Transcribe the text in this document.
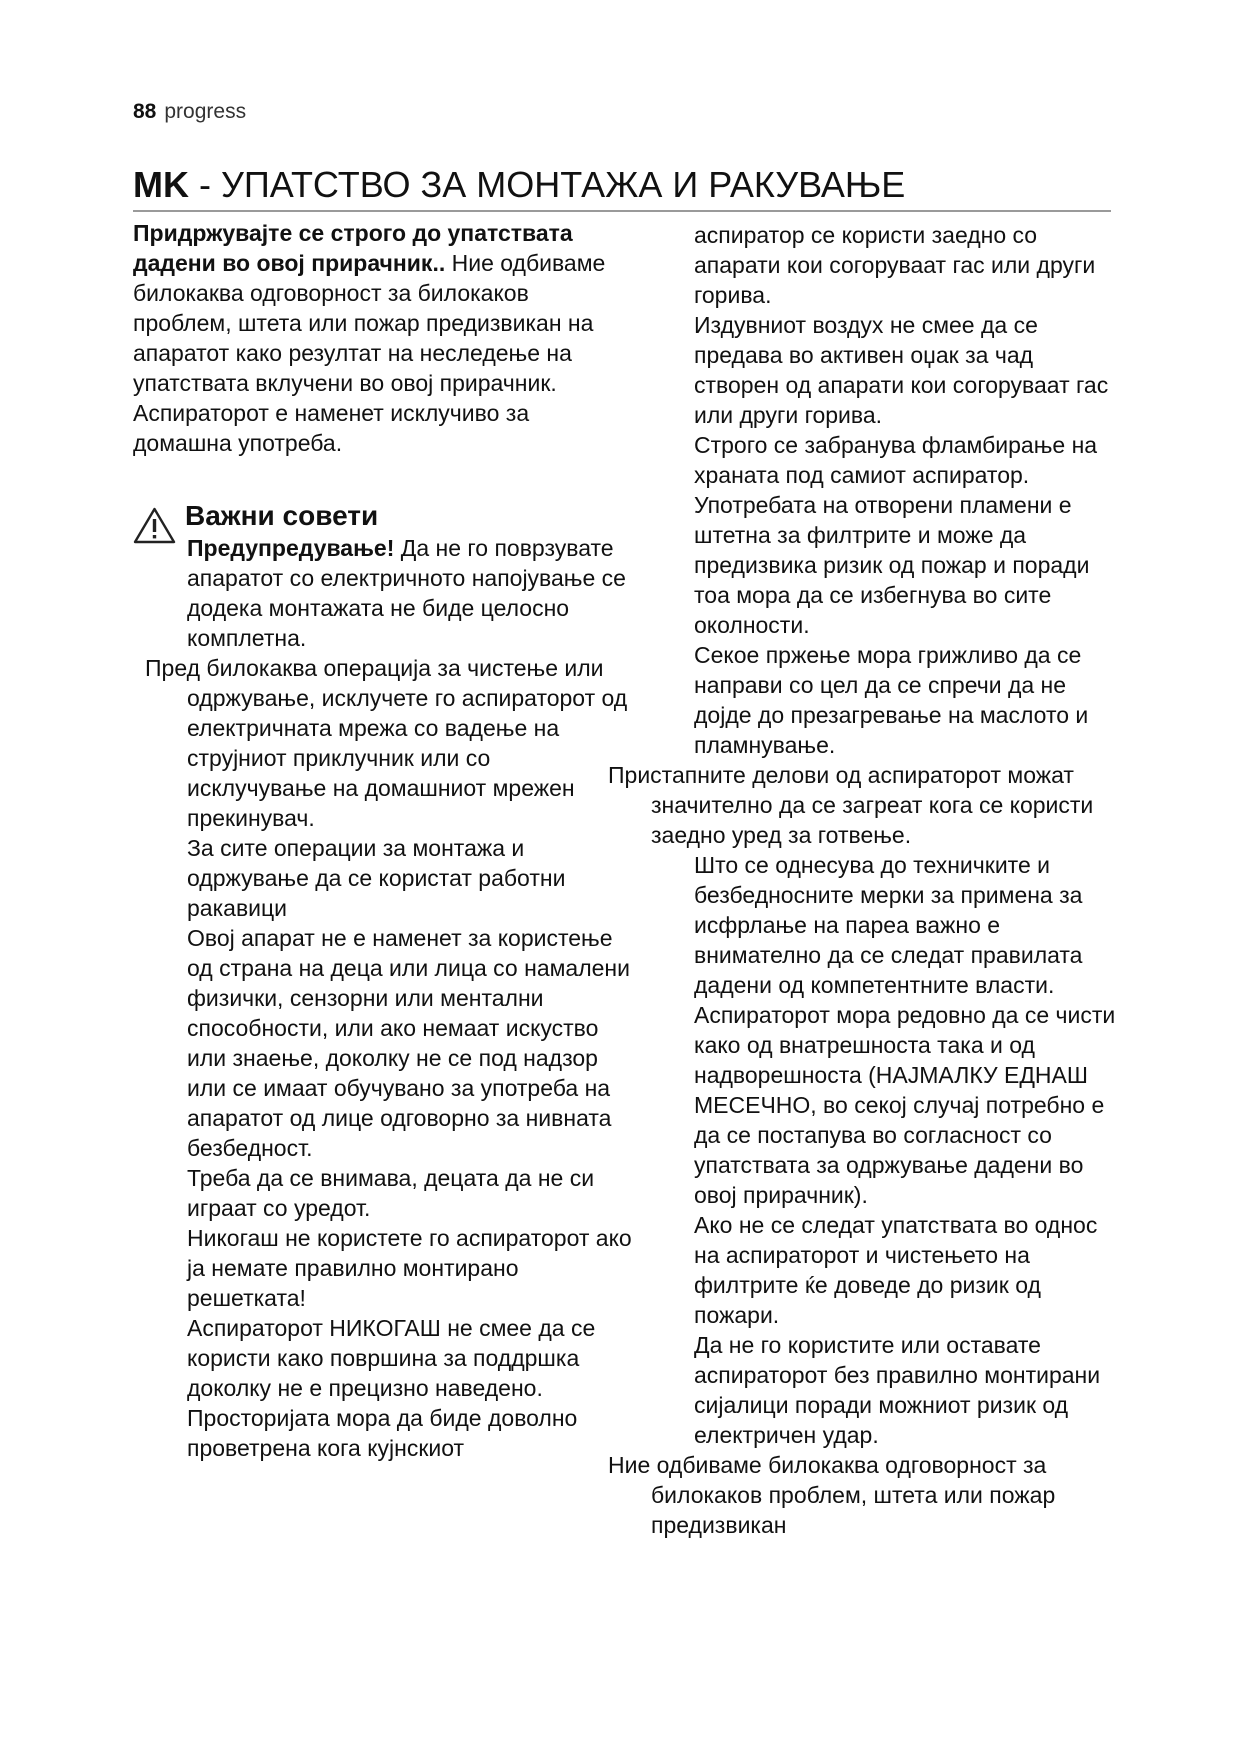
88 progress
MK - УПАТСТВО ЗА МОНТАЖА И РАКУВАЊЕ

Придржувајте се строго до упатствата дадени во овој прирачник.. Ние одбиваме билокаква одговорност за билокаков проблем, штета или пожар предизвикан на апаратот како резултат на неследење на упатствата вклучени во овој прирачник. Аспираторот е наменет исклучиво за домашна употреба.

Важни совети

Предупредување! Да не го поврзувате апаратот со електричното напојување се додека монтажата не биде целосно комплетна.

Пред билокаква операција за чистење или одржување, исклучете го аспираторот од електричната мрежа со вадење на струјниот приклучник или со исклучување на домашниот мрежен прекинувач.

За сите операции за монтажа и одржување да се користат работни ракавици

Овој апарат не е наменет за користење од страна на деца или лица со намалени физички, сензорни или ментални способности, или ако немаат искуство или знаење, доколку не се под надзор или се имаат обучувано за употреба на апаратот од лице одговорно за нивната безбедност.

Треба да се внимава, децата да не си играат со уредот.

Никогаш не користете го аспираторот ако ја немате правилно монтирано решетката!

Аспираторот НИКОГАШ не смее да се користи како површина за поддршка доколку не е прецизно наведено.

Просторијата мора да биде доволно проветрена кога кујнскиот

аспиратор се користи заедно со апарати кои согоруваат гас или други горива.

Издувниот воздух не смее да се предава во активен оџак за чад створен од апарати кои согоруваат гас или други горива.

Строго се забранува фламбирање на храната под самиот аспиратор.

Употребата на отворени пламени е штетна за филтрите и може да предизвика ризик од пожар и поради тоа мора да се избегнува во сите околности.

Секое пржење мора грижливо да се направи со цел да се спречи да не дојде до презагревање на маслото и пламнување.

Пристапните делови од аспираторот можат значително да се загреат кога се користи заедно уред за готвење.

Што се однесува до техничките и безбедносните мерки за примена за исфрлање на пареа важно е внимателно да се следат правилата дадени од компетентните власти.

Аспираторот мора редовно да се чисти како од внатрешноста така и од надворешноста (НАЈМАЛКУ ЕДНАШ МЕСЕЧНО, во секој случај потребно е да се постапува во согласност со упатствата за одржување дадени во овој прирачник).

Ако не се следат упатствата во однос на аспираторот и чистењето на филтрите ќе доведе до ризик од пожари.

Да не го користите или оставате аспираторот без правилно монтирани сијалици поради можниот ризик од електричен удар.

Ние одбиваме билокаква одговорност за билокаков проблем, штета или пожар предизвикан
